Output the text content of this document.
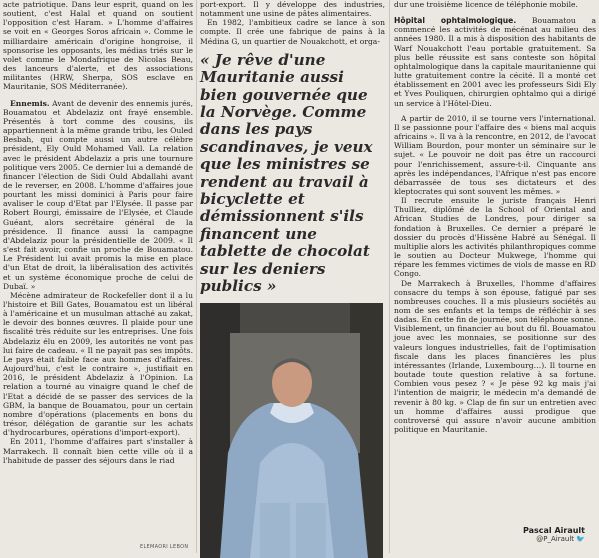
acte patriotique. Dans leur esprit, quand on les soutient, c'est Halal et quand on soutient l'opposition c'est Haram. » L'homme d'affaires se voit en « Georges Soros africain ». Comme le milliardaire américain d'origine hongroise, il sponsorise les opposants, les médias triés sur le volet comme le Mondafrique de Nicolas Beau, des lanceurs d'alerte, et des associations militantes (HRW, Sherpa, SOS esclave en Mauritanie, SOS Méditerranée).

Ennemis. Avant de devenir des ennemis jurés, Bouamatou et Abdelaziz ont frayé ensemble. Présentés à tort comme des cousins, ils appartiennent à la même grande tribu, les Ouled Besbah, qui compte aussi un autre célèbre président, Ely Ould Mohamed Vall. La relation avec le président Abdelaziz a pris une tournure politique vers 2005. Ce dernier lui a demandé de financer l'élection de Sidi Ould Abdallahi avant de le reverser, en 2008. L'homme d'affaires joue pourtant les missi dominici à Paris pour faire avaliser le coup d'Etat par l'Elysée. Il passe par Robert Bourgi, émissaire de l'Elysée, et Claude Guéant, alors secrétaire général de la présidence. Il finance aussi la campagne d'Abdelaziz pour la présidentielle de 2009. « Il s'est fait avoir, confie un proche de Bouamatou. Le Président lui avait promis la mise en place d'un Etat de droit, la libéralisation des activités et un système économique proche de celui de Dubaï. »

Mécène admirateur de Rockefeller dont il a lu l'histoire et Bill Gates, Bouamatou est un libéral à l'américaine et un musulman attaché au zakat, le devoir des bonnes œuvres. Il plaide pour une fiscalité très réduite sur les entreprises. Une fois Abdelaziz élu en 2009, les autorités ne vont pas lui faire de cadeau. « Il ne payait pas ses impôts. Le pays était faible face aux hommes d'affaires. Aujourd'hui, c'est le contraire », justifiait en 2016, le président Abdelaziz à l'Opinion. La relation a tourné au vinaigre quand le chef de l'Etat a décidé de se passer des services de la GBM, la banque de Bouamatou, pour un certain nombre d'opérations (placements en bons du trésor, délégation de garantie sur les achats d'hydrocarbures, opérations d'import-export).

En 2011, l'homme d'affaires part s'installer à Marrakech. Il connaît bien cette ville où il a l'habitude de passer des séjours dans le riad

port-export. Il y développe des industries, notamment une usine de pâtes alimentaires.

En 1982, l'ambitieux cadre se lance à son compte. Il crée une fabrique de pains à la Médina G, un quartier de Nouakchott, et orga-

« Je rêve d'une Mauritanie aussi bien gouvernée que la Norvège. Comme dans les pays scandinaves, je veux que les ministres se rendent au travail à bicyclette et démissionnent s'ils financent une tablette de chocolat sur les deniers publics »
ELEMAORI LEBON

dur une troisième licence de téléphonie mobile.

Hôpital ophtalmologique. Bouamatou a commencé les activités de mécénat au milieu des années 1980. Il a mis à disposition des habitants de Warf Nouakchott l'eau portable gratuitement. Sa plus belle réussite est sans conteste son hôpital ophtalmologique dans la capitale mauritanienne qui lutte gratuitement contre la cécité. Il a monté cet établissement en 2001 avec les professeurs Sidi Ely et Yves Pouliquen, chirurgien ophtalmo qui a dirigé un service à l'Hôtel-Dieu.

A partir de 2010, il se tourne vers l'international. Il se passionne pour l'affaire des « biens mal acquis africains ». Il va à la rencontre, en 2012, de l'avocat William Bourdon, pour monter un séminaire sur le sujet. « Le pouvoir ne doit pas être un raccourci pour l'enrichissement, assure-t-il. Cinquante ans après les indépendances, l'Afrique n'est pas encore débarrassée de tous ses dictateurs et des kleptocrates qui sont souvent les mêmes. »

Il recrute ensuite le juriste français Henri Thulliez, diplômé de la School of Oriental and African Studies de Londres, pour diriger sa fondation à Bruxelles. Ce dernier a préparé le dossier du procès d'Hissène Habré au Sénégal. Il multiplie alors les activités philanthropiques comme le soutien au Docteur Mukwege, l'homme qui répare les femmes victimes de viols de masse en RD Congo.

De Marrakech à Bruxelles, l'homme d'affaires consacre du temps à son épouse, fatigué par ses nombreuses couches. Il a mis plusieurs sociétés au nom de ses enfants et la temps de réfléchir à ses dadas. En cette fin de journée, son téléphone sonne. Visiblement, un financier au bout du fil. Bouamatou joue avec les monnaies, se positionne sur des valeurs longues industrielles, fait de l'optimisation fiscale dans les places financières les plus intéressantes (Irlande, Luxembourg…). Il tourne en boutade toute question relative à sa fortune. Combien vous pesez ? « Je pèse 92 kg mais j'ai l'intention de maigrir, le médecin m'a demandé de revenir à 80 kg. » Clap de fin sur un entretien avec un homme d'affaires aussi prodigue que controversé qui assure n'avoir aucune ambition politique en Mauritanie.

Pascal Airault
@P_Airault 🐦
